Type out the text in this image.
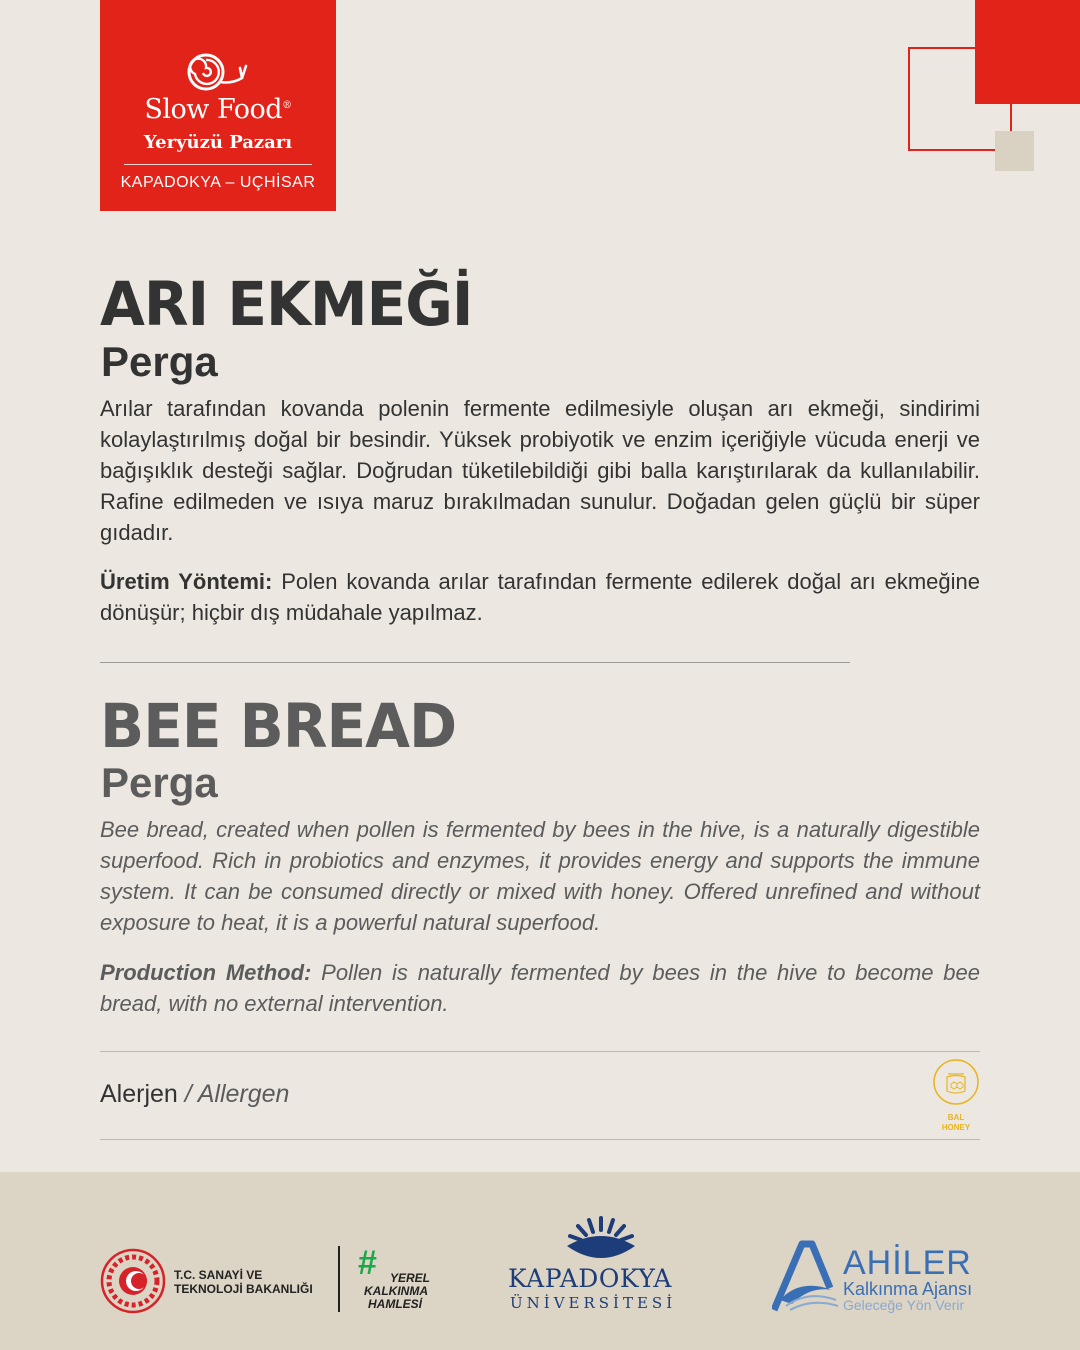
Slow Food®
Yeryüzü Pazarı
KAPADOKYA – UÇHİSAR
ARI EKMEĞİ
Perga

Arılar tarafından kovanda polenin fermente edilmesiyle oluşan arı ekmeği, sindirimi kolaylaştırılmış doğal bir besindir. Yüksek probiyotik ve enzim içeriğiyle vücuda enerji ve bağışıklık desteği sağlar. Doğrudan tüketilebildiği gibi balla karıştırılarak da kullanılabilir. Rafine edilmeden ve ısıya maruz bırakılmadan sunulur. Doğadan gelen güçlü bir süper gıdadır.

Üretim Yöntemi: Polen kovanda arılar tarafından fermente edilerek doğal arı ekmeğine dönüşür; hiçbir dış müdahale yapılmaz.

BEE BREAD
Perga

Bee bread, created when pollen is fermented by bees in the hive, is a naturally digestible superfood. Rich in probiotics and enzymes, it provides energy and supports the immune system. It can be consumed directly or mixed with honey. Offered unrefined and without exposure to heat, it is a powerful natural superfood.

Production Method: Pollen is naturally fermented by bees in the hive to become bee bread, with no external intervention.

Alerjen / Allergen
BAL
HONEY
T.C. SANAYİ VE
TEKNOLOJİ BAKANLIĞI
#	YEREL
KALKINMA
HAMLESİ
KAPADOKYA
ÜNİVERSİTESİ
AHİLER
Kalkınma Ajansı
Geleceğe Yön Verir
